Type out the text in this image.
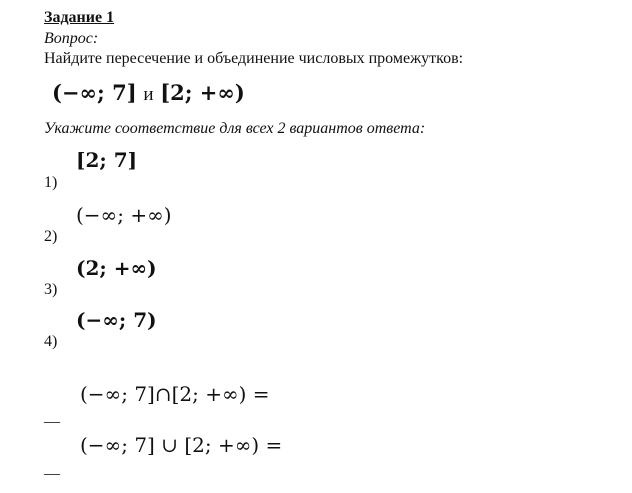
Задание 1
Вопрос:
Найдите пересечение и объединение числовых промежутков:
(−∞; 7] и [2; +∞)
Укажите соответствие для всех 2 вариантов ответа:
[2; 7]
1)
(−∞; +∞)
2)
(2; +∞)
3)
(−∞; 7)
4)
(−∞; 7]∩[2; +∞) =
__
(−∞; 7] ∪ [2; +∞) =
__
